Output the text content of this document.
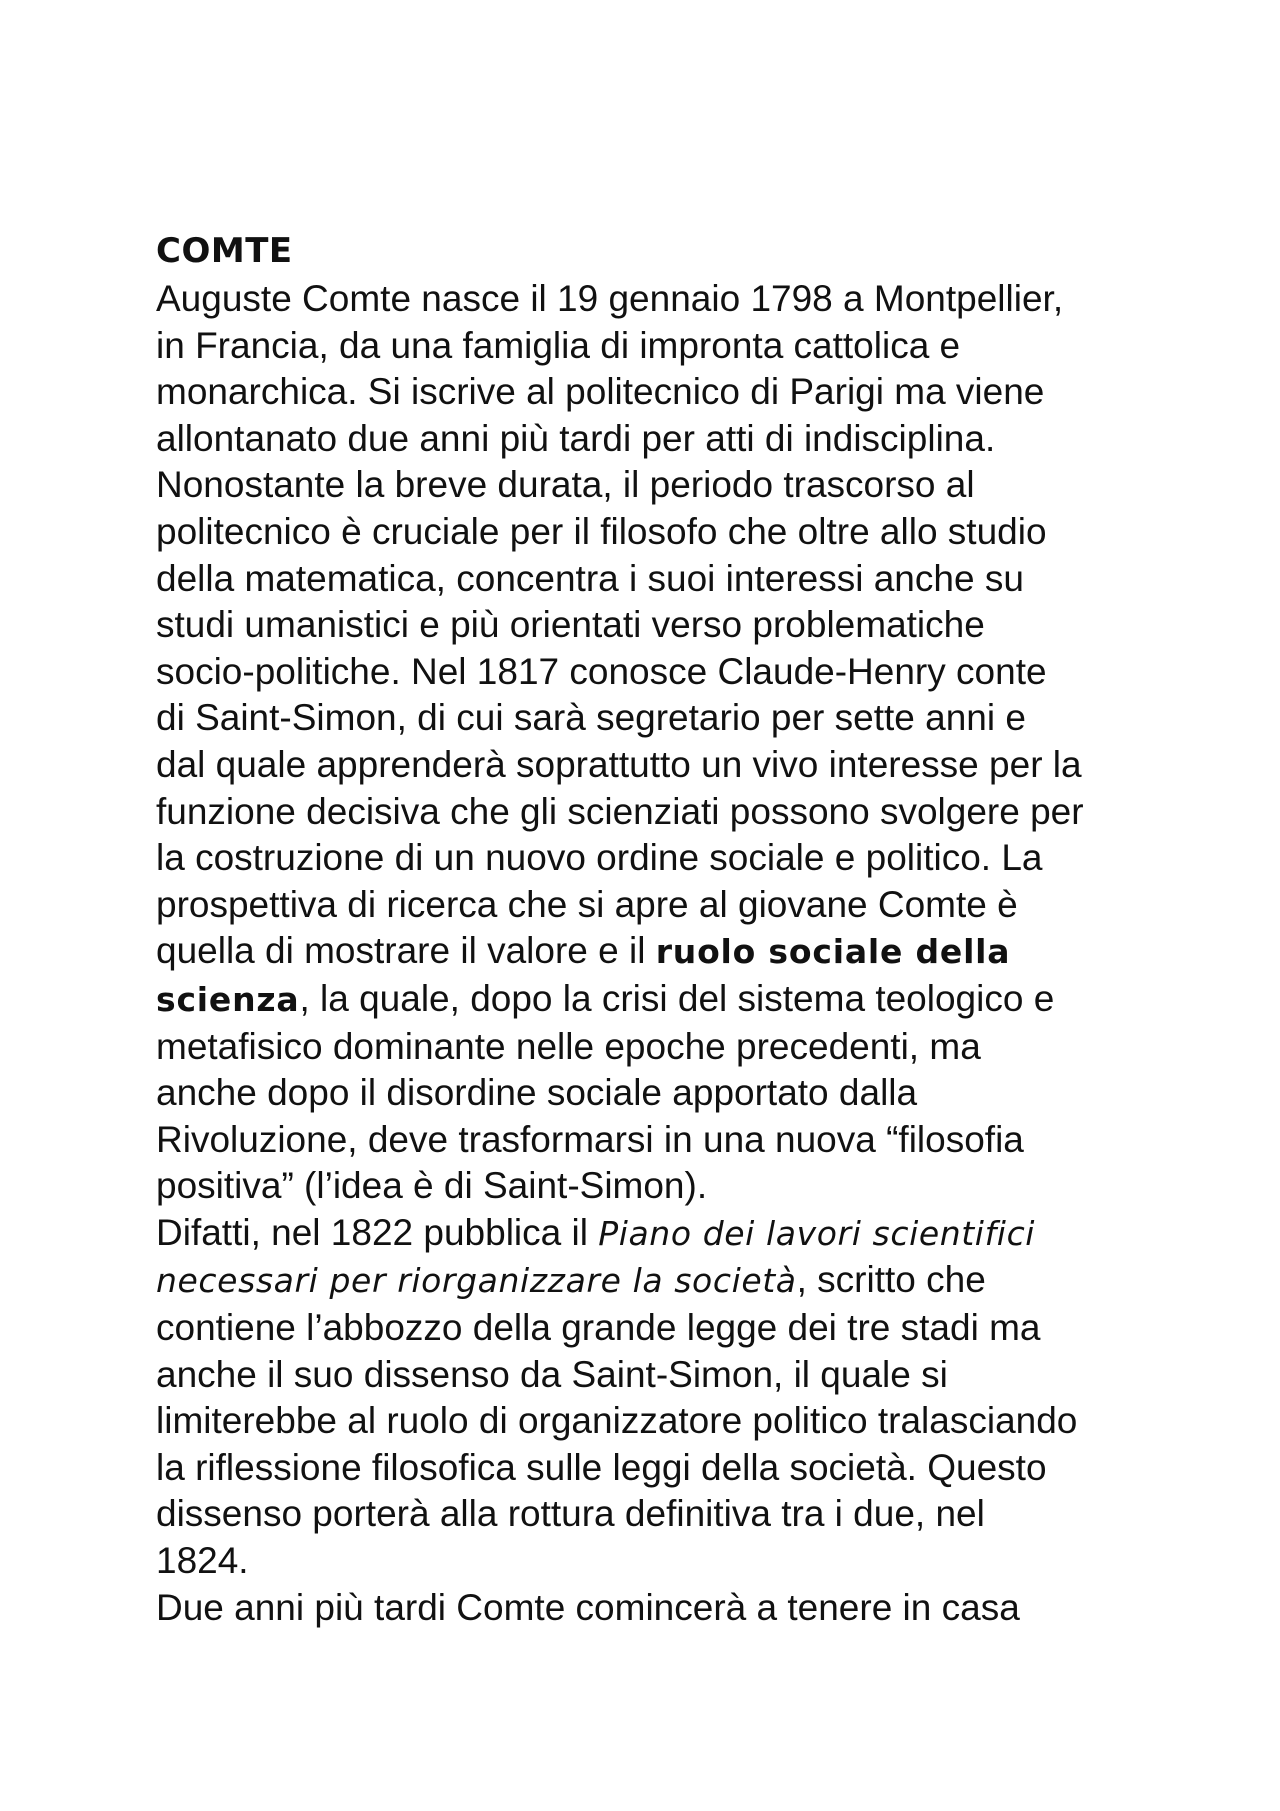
COMTE
Auguste Comte nasce il 19 gennaio 1798 a Montpellier,
in Francia, da una famiglia di impronta cattolica e
monarchica. Si iscrive al politecnico di Parigi ma viene
allontanato due anni più tardi per atti di indisciplina.
Nonostante la breve durata, il periodo trascorso al
politecnico è cruciale per il filosofo che oltre allo studio
della matematica, concentra i suoi interessi anche su
studi umanistici e più orientati verso problematiche
socio-politiche. Nel 1817 conosce Claude-Henry conte
di Saint-Simon, di cui sarà segretario per sette anni e
dal quale apprenderà soprattutto un vivo interesse per la
funzione decisiva che gli scienziati possono svolgere per
la costruzione di un nuovo ordine sociale e politico. La
prospettiva di ricerca che si apre al giovane Comte è
quella di mostrare il valore e il ruolo sociale della
scienza, la quale, dopo la crisi del sistema teologico e
metafisico dominante nelle epoche precedenti, ma
anche dopo il disordine sociale apportato dalla
Rivoluzione, deve trasformarsi in una nuova “filosofia
positiva” (l’idea è di Saint-Simon).
Difatti, nel 1822 pubblica il Piano dei lavori scientifici
necessari per riorganizzare la società, scritto che
contiene l’abbozzo della grande legge dei tre stadi ma
anche il suo dissenso da Saint-Simon, il quale si
limiterebbe al ruolo di organizzatore politico tralasciando
la riflessione filosofica sulle leggi della società. Questo
dissenso porterà alla rottura definitiva tra i due, nel
1824.
Due anni più tardi Comte comincerà a tenere in casa
